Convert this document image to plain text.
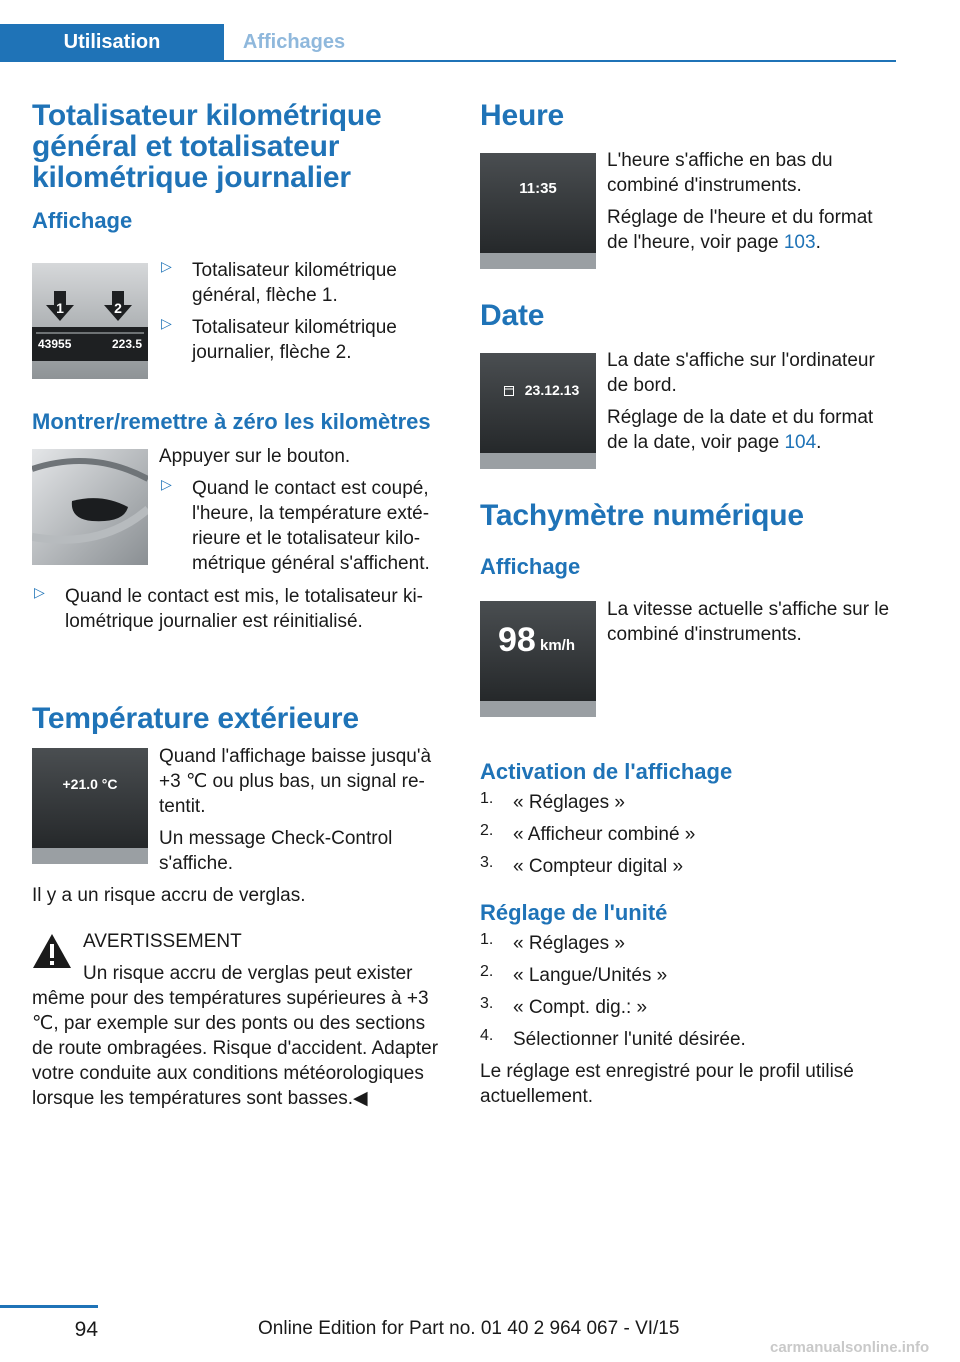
Utilisation	Affichages
Totalisateur kilométrique
général et totalisateur
kilométrique journalier
Affichage
1	2
43955	223.5
▷ Totalisateur kilométrique général, flèche 1.

▷ Totalisateur kilométrique journalier, flèche 2.

Montrer/remettre à zéro les kilomètres

Appuyer sur le bouton.

▷ Quand le contact est coupé, l'heure, la température extérieure et le totalisateur kilométrique général s'affichent.

▷ Quand le contact est mis, le totalisateur kilométrique journalier est réinitialisé.

Température extérieure
+21.0 °C

Quand l'affichage baisse jusqu'à +3 ℃ ou plus bas, un signal retentit.

Un message Check-Control s'affiche.

Il y a un risque accru de verglas.

AVERTISSEMENT

Un risque accru de verglas peut exister même pour des températures supérieures à +3 ℃, par exemple sur des ponts ou des sections de route ombragées. Risque d'accident. Adapter votre conduite aux conditions météorologiques lorsque les températures sont basses.◀

Heure
11:35

L'heure s'affiche en bas du combiné d'instruments.

Réglage de l'heure et du format de l'heure, voir page 103.

Date
23.12.13

La date s'affiche sur l'ordinateur de bord.

Réglage de la date et du format de la date, voir page 104.

Tachymètre numérique
Affichage
98 km/h

La vitesse actuelle s'affiche sur le combiné d'instruments.

Activation de l'affichage
1. « Réglages »

2. « Afficheur combiné »

3. « Compteur digital »

Réglage de l'unité
1. « Réglages »

2. « Langue/Unités »

3. « Compt. dig.: »

4. Sélectionner l'unité désirée.

Le réglage est enregistré pour le profil utilisé actuellement.

94	Online Edition for Part no. 01 40 2 964 067 - VI/15
carmanualsonline.info
